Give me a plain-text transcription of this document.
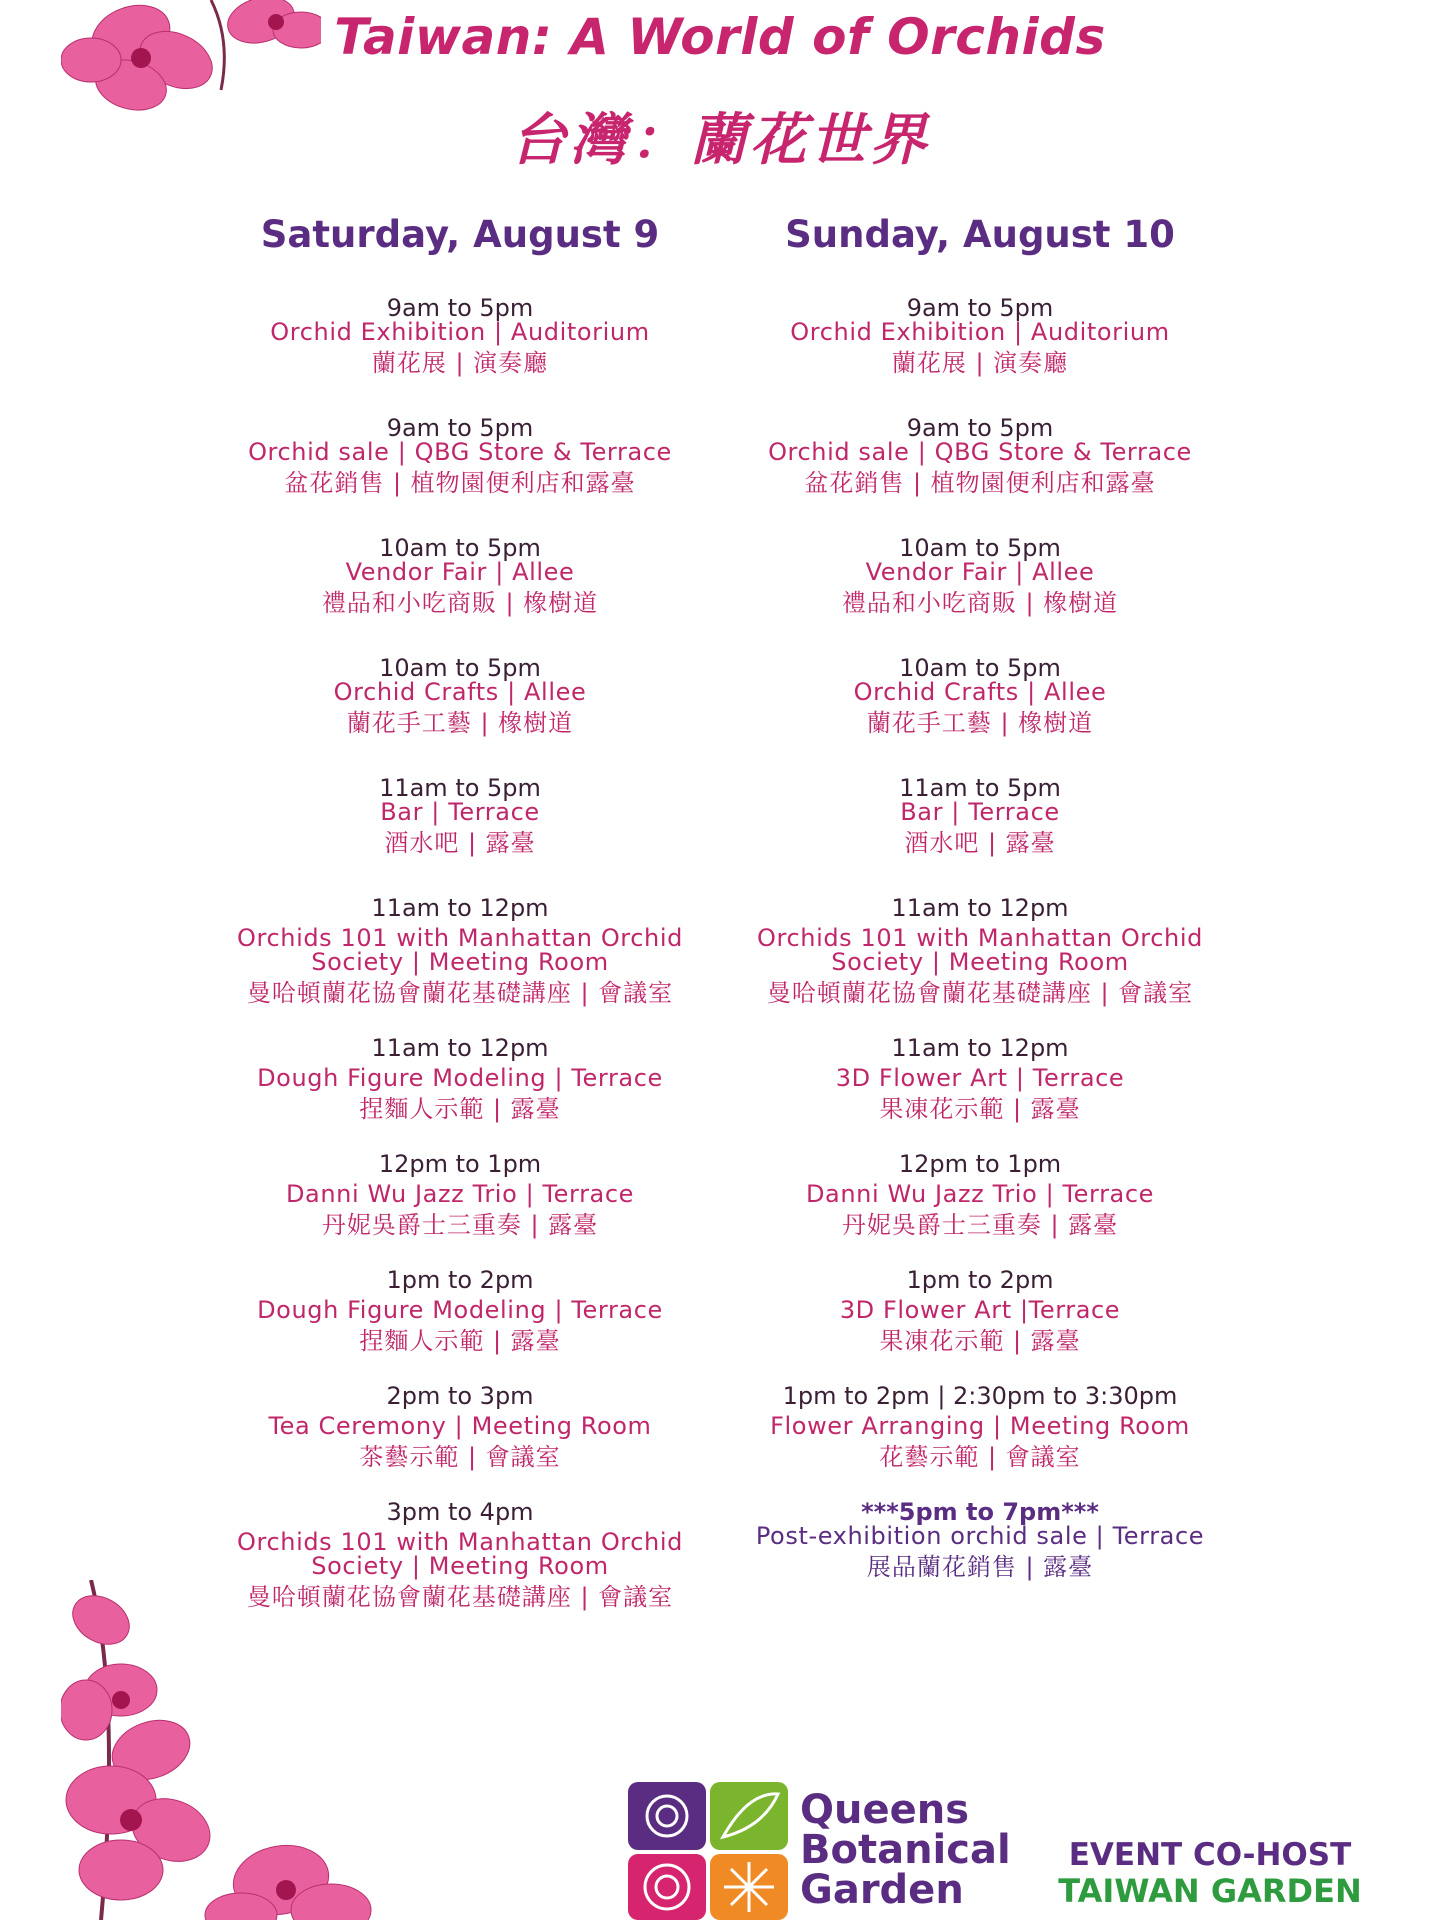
Taiwan: A World of Orchids
台灣：蘭花世界
Saturday, August 9
9am to 5pm
Orchid Exhibition | Auditorium
蘭花展 | 演奏廳
9am to 5pm
Orchid sale | QBG Store & Terrace
盆花銷售 | 植物園便利店和露臺
10am to 5pm
Vendor Fair | Allee
禮品和小吃商販 | 橡樹道
10am to 5pm
Orchid Crafts | Allee
蘭花手工藝 | 橡樹道
11am to 5pm
Bar | Terrace
酒水吧 | 露臺
11am to 12pm
Orchids 101 with Manhattan Orchid Society | Meeting Room
曼哈頓蘭花協會蘭花基礎講座 | 會議室
11am to 12pm
Dough Figure Modeling | Terrace
捏麵人示範 | 露臺
12pm to 1pm
Danni Wu Jazz Trio | Terrace
丹妮吳爵士三重奏 | 露臺
1pm to 2pm
Dough Figure Modeling | Terrace
捏麵人示範 | 露臺
2pm to 3pm
Tea Ceremony | Meeting Room
茶藝示範 | 會議室
3pm to 4pm
Orchids 101 with Manhattan Orchid Society | Meeting Room
曼哈頓蘭花協會蘭花基礎講座 | 會議室
Sunday, August 10
9am to 5pm
Orchid Exhibition | Auditorium
蘭花展 | 演奏廳
9am to 5pm
Orchid sale | QBG Store & Terrace
盆花銷售 | 植物園便利店和露臺
10am to 5pm
Vendor Fair | Allee
禮品和小吃商販 | 橡樹道
10am to 5pm
Orchid Crafts | Allee
蘭花手工藝 | 橡樹道
11am to 5pm
Bar | Terrace
酒水吧 | 露臺
11am to 12pm
Orchids 101 with Manhattan Orchid Society | Meeting Room
曼哈頓蘭花協會蘭花基礎講座 | 會議室
11am to 12pm
3D Flower Art | Terrace
果凍花示範 | 露臺
12pm to 1pm
Danni Wu Jazz Trio | Terrace
丹妮吳爵士三重奏 | 露臺
1pm to 2pm
3D Flower Art |Terrace
果凍花示範 | 露臺
1pm to 2pm | 2:30pm to 3:30pm
Flower Arranging | Meeting Room
花藝示範 | 會議室
***5pm to 7pm***
Post-exhibition orchid sale | Terrace
展品蘭花銷售 | 露臺
Queens
Botanical
Garden
EVENT CO-HOST
TAIWAN GARDEN
